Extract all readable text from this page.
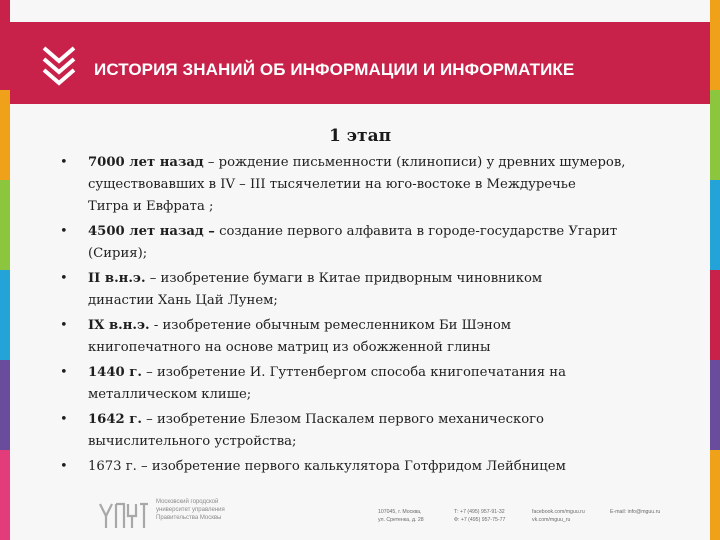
ИСТОРИЯ ЗНАНИЙ ОБ ИНФОРМАЦИИ И ИНФОРМАТИКЕ
1 этап
• 7000 лет назад – рождение письменности (клинописи) у древних шумеров,
существовавших в IV – III тысячелетии на юго-востоке в Междуречье
Тигра и Евфрата ;
• 4500 лет назад – создание первого алфавита в городе-государстве Угарит
(Сирия);
• II в.н.э. – изобретение бумаги в Китае придворным чиновником
династии Хань Цай Лунем;
• IX в.н.э. - изобретение обычным ремесленником Би Шэном
книгопечатного на основе матриц из обожженной глины
• 1440 г. – изобретение И. Гуттенбергом способа книгопечатания на
металлическом клише;
• 1642 г. – изобретение Блезом Паскалем первого механического
вычислительного устройства;
• 1673 г. – изобретение первого калькулятора Готфридом Лейбницем
Московский городской
университет управления
Правительства Москвы
107045, г. Москва,
ул. Сретенка, д. 28
Т: +7 (495) 957-91-32
Ф: +7 (495) 957-75-77
facebook.com/mguu.ru
vk.com/mguu_ru
E-mail: info@mguu.ru
